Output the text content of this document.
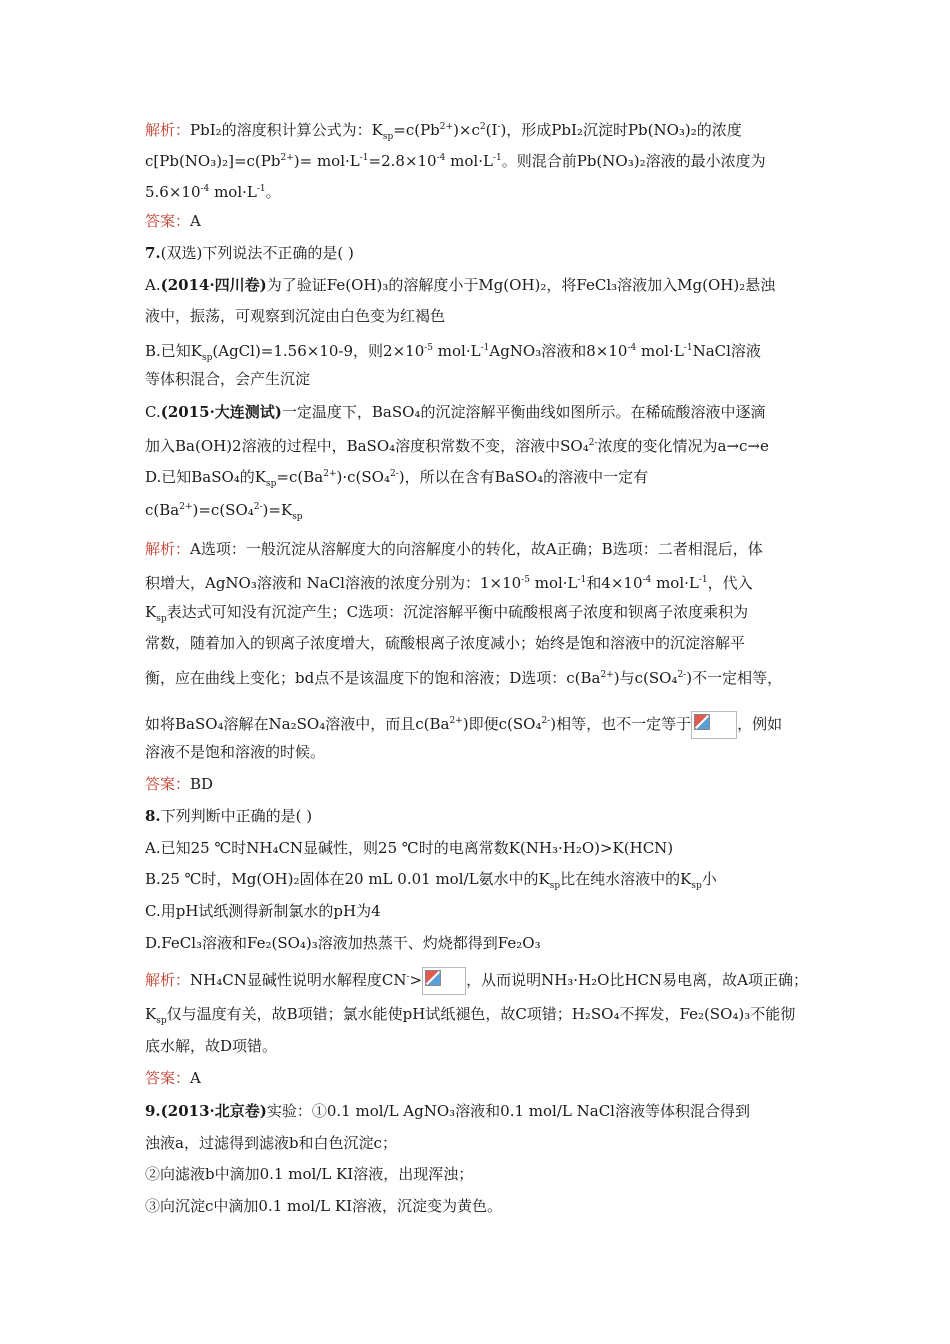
解析：PbI₂的溶度积计算公式为：$K_{sp}=c(Pb^{2+})\times c^2(I^-)$，形成PbI₂沉淀时Pb(NO₃)₂的浓度
$c[Pb(NO_3)_2]=c(Pb^{2+})= mol\cdot L^{-1}=2.8\times 10^{-4}$ $mol\cdot L^{-1}$。则混合前Pb(NO₃)₂溶液的最小浓度为
$5.6\times 10^{-4}$ $mol\cdot L^{-1}$。
答案：A
7.(双选)下列说法不正确的是( )
A.(2014·四川卷)为了验证Fe(OH)₃的溶解度小于Mg(OH)₂，将FeCl₃溶液加入Mg(OH)₂悬浊
液中，振荡，可观察到沉淀由白色变为红褐色
B.已知$K_{sp}(AgCl)=1.56\times 10-9$，则$2\times 10^{-5}$ $mol\cdot L^{-1}AgNO_3$溶液和$8\times 10^{-4}$ $mol\cdot L^{-1}NaCl$溶液
等体积混合，会产生沉淀
C.(2015·大连测试)一定温度下，BaSO₄的沉淀溶解平衡曲线如图所示。在稀硫酸溶液中逐滴
加入Ba(OH)2溶液的过程中，BaSO₄溶度积常数不变，溶液中SO₄$^{2-}$浓度的变化情况为a→c→e
D.已知BaSO₄的$K_{sp}=c(Ba^{2+})\cdot c(SO_4^{2-})$，所以在含有BaSO₄的溶液中一定有
$c(Ba^{2+})=c(SO_4^{2-})=K_{sp}$
解析：A选项：一般沉淀从溶解度大的向溶解度小的转化，故A正确；B选项：二者相混后，体
积增大，AgNO₃溶液和 NaCl溶液的浓度分别为：$1\times 10^{-5}$ $mol\cdot L^{-1}$和$4\times 10^{-4}$ $mol\cdot L^{-1}$，代入
$K_{sp}$表达式可知没有沉淀产生；C选项：沉淀溶解平衡中硫酸根离子浓度和钡离子浓度乘积为
常数，随着加入的钡离子浓度增大，硫酸根离子浓度减小；始终是饱和溶液中的沉淀溶解平
衡，应在曲线上变化；bd点不是该温度下的饱和溶液；D选项：$c(Ba^{2+})$与c(SO₄$^{2-}$)不一定相等，
如将BaSO₄溶解在Na₂SO₄溶液中，而且$c(Ba^{2+})$即便c(SO₄$^{2-}$)相等，也不一定等于	，例如
溶液不是饱和溶液的时候。
答案：BD
8.下列判断中正确的是( )
A.已知25 ℃时NH₄CN显碱性，则25 ℃时的电离常数K(NH₃·H₂O)>K(HCN)
B.25 ℃时，Mg(OH)₂固体在20 mL 0.01 mol/L氨水中的$K_{sp}$比在纯水溶液中的$K_{sp}$小
C.用pH试纸测得新制氯水的pH为4
D.FeCl₃溶液和Fe₂(SO₄)₃溶液加热蒸干、灼烧都得到Fe₂O₃
解析：NH₄CN显碱性说明水解程度CN->	，从而说明NH₃·H₂O比HCN易电离，故A项正确；
$K_{sp}$仅与温度有关，故B项错；氯水能使pH试纸褪色，故C项错；H₂SO₄不挥发，Fe₂(SO₄)₃不能彻
底水解，故D项错。
答案：A
9.(2013·北京卷)实验：①0.1 mol/L AgNO₃溶液和0.1 mol/L NaCl溶液等体积混合得到
浊液a，过滤得到滤液b和白色沉淀c；
②向滤液b中滴加0.1 mol/L KI溶液，出现浑浊；
③向沉淀c中滴加0.1 mol/L KI溶液，沉淀变为黄色。
